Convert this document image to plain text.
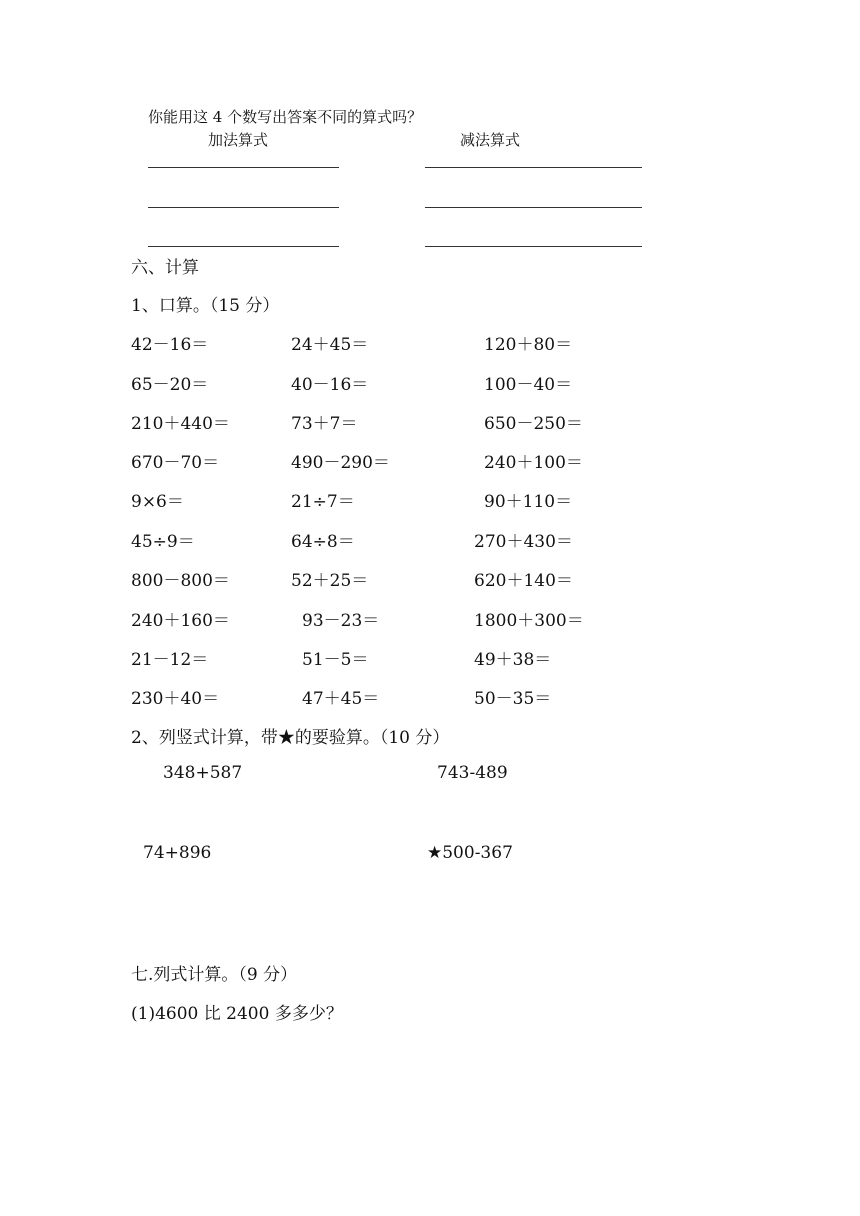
你能用这 4 个数写出答案不同的算式吗？
加法算式	减法算式
六、计算
1、口算。（15 分）
42－16＝	24＋45＝	120＋80＝
65－20＝	40－16＝	100－40＝
210＋440＝	73＋7＝	650－250＝
670－70＝	490－290＝	240＋100＝
9×6＝	21÷7＝	90＋110＝
45÷9＝	64÷8＝	270＋430＝
800－800＝	52＋25＝	620＋140＝
240＋160＝	93－23＝	1800＋300＝
21－12＝	51－5＝	49＋38＝
230＋40＝	47＋45＝	50－35＝
2、列竖式计算，带★的要验算。（10 分）
348+587	743-489
74+896	★500-367
七.列式计算。（9 分）
(1)4600 比 2400 多多少？
